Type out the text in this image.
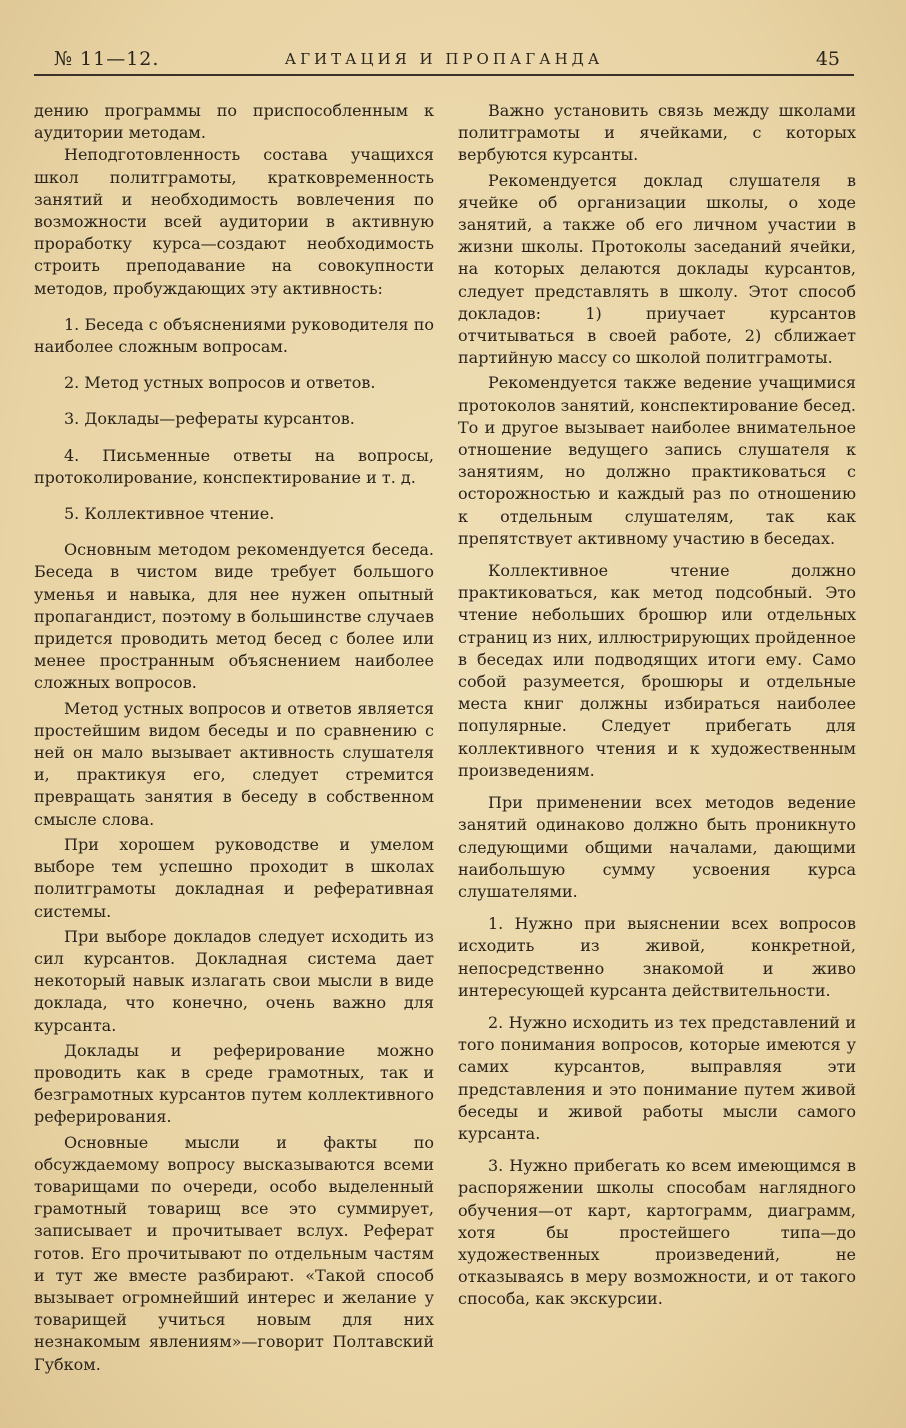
№ 11—12.	АГИТАЦИЯ И ПРОПАГАНДА	45

дению программы по приспособленным к аудитории методам.

Неподготовленность состава учащихся школ политграмоты, кратковременность занятий и необходимость вовлечения по возможности всей аудитории в активную проработку курса—создают необходимость строить преподавание на совокупности методов, пробуждающих эту активность:

1. Беседа с объяснениями руководителя по наиболее сложным вопросам.

2. Метод устных вопросов и ответов.

3. Доклады—рефераты курсантов.

4. Письменные ответы на вопросы, протоколирование, конспектирование и т. д.

5. Коллективное чтение.

Основным методом рекомендуется беседа. Беседа в чистом виде требует большого уменья и навыка, для нее нужен опытный пропагандист, поэтому в большинстве случаев придется проводить метод бесед с более или менее пространным объяснением наиболее сложных вопросов.

Метод устных вопросов и ответов является простейшим видом беседы и по сравнению с ней он мало вызывает активность слушателя и, практикуя его, следует стремится превращать занятия в беседу в собственном смысле слова.

При хорошем руководстве и умелом выборе тем успешно проходит в школах политграмоты докладная и реферативная системы.

При выборе докладов следует исходить из сил курсантов. Докладная система дает некоторый навык излагать свои мысли в виде доклада, что конечно, очень важно для курсанта.

Доклады и реферирование можно проводить как в среде грамотных, так и безграмотных курсантов путем коллективного реферирования.

Основные мысли и факты по обсуждаемому вопросу высказываются всеми товарищами по очереди, особо выделенный грамотный товарищ все это суммирует, записывает и прочитывает вслух. Реферат готов. Его прочитывают по отдельным частям и тут же вместе разбирают. «Такой способ вызывает огромнейший интерес и желание у товарищей учиться новым для них незнакомым явлениям»—говорит Полтавский Губком.

Важно установить связь между школами политграмоты и ячейками, с которых вербуются курсанты.

Рекомендуется доклад слушателя в ячейке об организации школы, о ходе занятий, а также об его личном участии в жизни школы. Протоколы заседаний ячейки, на которых делаются доклады курсантов, следует представлять в школу. Этот способ докладов: 1) приучает курсантов отчитываться в своей работе, 2) сближает партийную массу со школой политграмоты.

Рекомендуется также ведение учащимися протоколов занятий, конспектирование бесед. То и другое вызывает наиболее внимательное отношение ведущего запись слушателя к занятиям, но должно практиковаться с осторожностью и каждый раз по отношению к отдельным слушателям, так как препятствует активному участию в беседах.

Коллективное чтение должно практиковаться, как метод подсобный. Это чтение небольших брошюр или отдельных страниц из них, иллюстрирующих пройденное в беседах или подводящих итоги ему. Само собой разумеется, брошюры и отдельные места книг должны избираться наиболее популярные. Следует прибегать для коллективного чтения и к художественным произведениям.

При применении всех методов ведение занятий одинаково должно быть проникнуто следующими общими началами, дающими наибольшую сумму усвоения курса слушателями.

1. Нужно при выяснении всех вопросов исходить из живой, конкретной, непосредственно знакомой и живо интересующей курсанта действительности.

2. Нужно исходить из тех представлений и того понимания вопросов, которые имеются у самих курсантов, выправляя эти представления и это понимание путем живой беседы и живой работы мысли самого курсанта.

3. Нужно прибегать ко всем имеющимся в распоряжении школы способам наглядного обучения—от карт, картограмм, диаграмм, хотя бы простейшего типа—до художественных произведений, не отказываясь в меру возможности, и от такого способа, как экскурсии.
